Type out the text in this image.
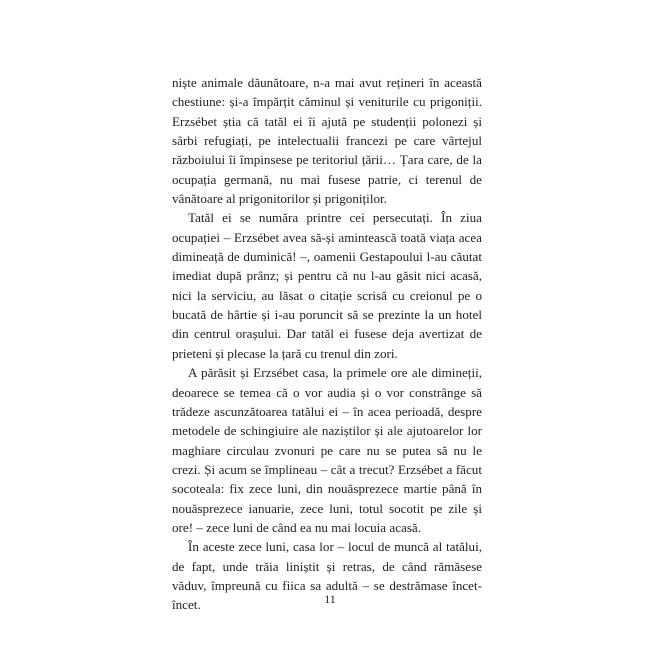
niște animale dăunătoare, n-a mai avut rețineri în această chestiune: și-a împărțit căminul și veniturile cu prigoniții. Erzsébet știa că tatăl ei îi ajută pe studenții polonezi și sârbi refugiați, pe intelectualii francezi pe care vârtejul războiului îi împinsese pe teritoriul țării… Țara care, de la ocupația germană, nu mai fusese patrie, ci terenul de vânătoare al prigonitorilor și prigoniților.

Tatăl ei se număra printre cei persecutați. În ziua ocupației – Erzsébet avea să-și amintească toată viața acea dimineață de duminică! –, oamenii Gestapoului l-au căutat imediat după prânz; și pentru că nu l-au găsit nici acasă, nici la serviciu, au lăsat o citație scrisă cu creionul pe o bucată de hârtie și i-au poruncit să se prezinte la un hotel din centrul orașului. Dar tatăl ei fusese deja avertizat de prieteni și plecase la țară cu trenul din zori.

A părăsit și Erzsébet casa, la primele ore ale dimineții, deoarece se temea că o vor audia și o vor constrânge să trădeze ascunzătoarea tatălui ei – în acea perioadă, despre metodele de schingiuire ale naziștilor și ale ajutoarelor lor maghiare circulau zvonuri pe care nu se putea să nu le crezi. Și acum se împlineau – cât a trecut? Erzsébet a făcut socoteala: fix zece luni, din nouăsprezece martie până în nouăsprezece ianuarie, zece luni, totul socotit pe zile și ore! – zece luni de când ea nu mai locuia acasă.

În aceste zece luni, casa lor – locul de muncă al tatălui, de fapt, unde trăia liniștit și retras, de când rămăsese văduv, împreună cu fiica sa adultă – se destrămase încet-încet.	11
